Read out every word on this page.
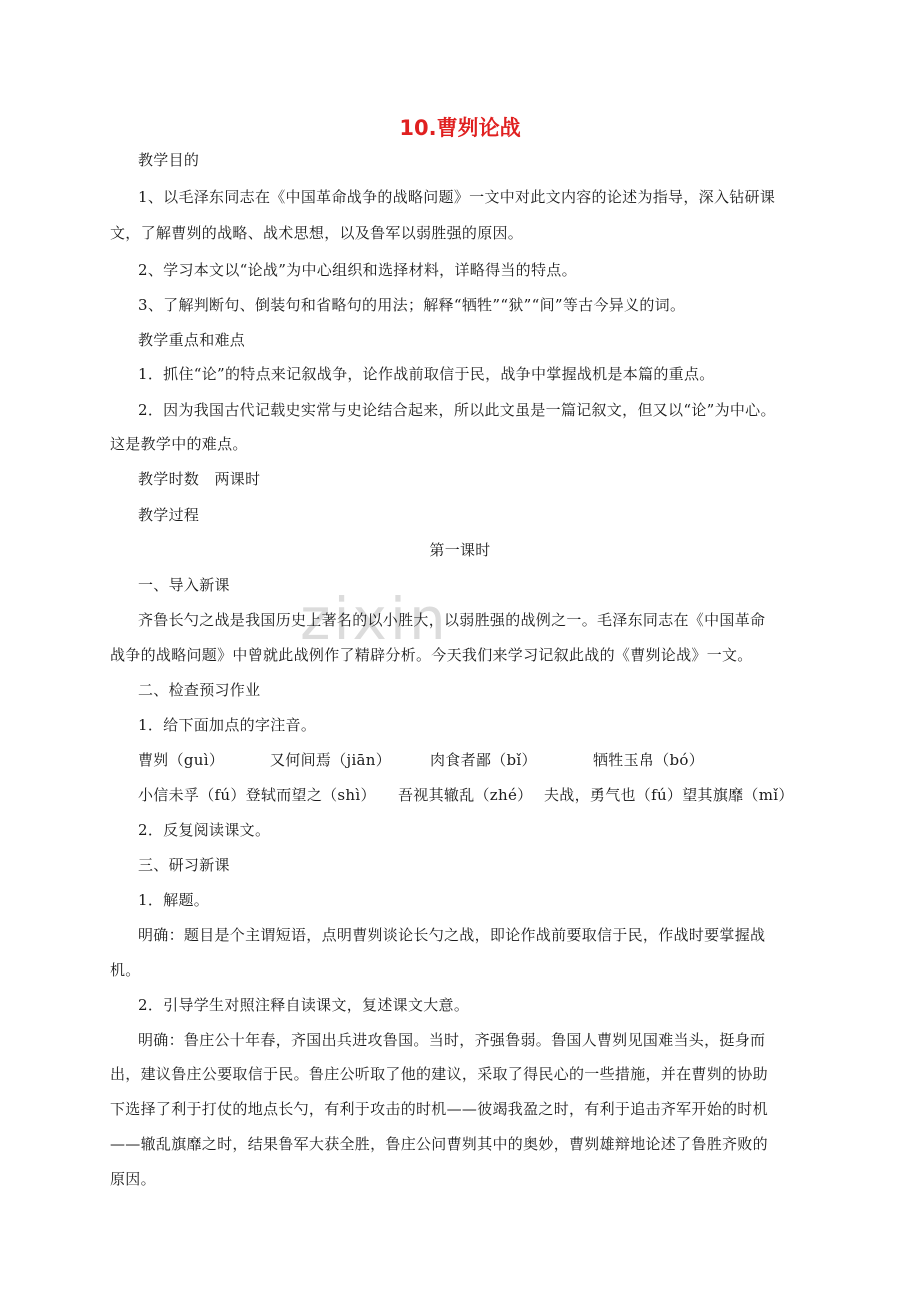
zixin
10.曹刿论战
教学目的
1、以毛泽东同志在《中国革命战争的战略问题》一文中对此文内容的论述为指导，深入钻研课
文，了解曹刿的战略、战术思想，以及鲁军以弱胜强的原因。
2、学习本文以“论战”为中心组织和选择材料，详略得当的特点。
3、了解判断句、倒装句和省略句的用法；解释“牺牲”“狱”“间”等古今异义的词。
教学重点和难点
1．抓住“论”的特点来记叙战争，论作战前取信于民，战争中掌握战机是本篇的重点。
2．因为我国古代记载史实常与史论结合起来，所以此文虽是一篇记叙文，但又以“论”为中心。
这是教学中的难点。
教学时数　两课时
教学过程
第一课时
一、导入新课
齐鲁长勺之战是我国历史上著名的以小胜大，以弱胜强的战例之一。毛泽东同志在《中国革命
战争的战略问题》中曾就此战例作了精辟分析。今天我们来学习记叙此战的《曹刿论战》一文。
二、检查预习作业
1．给下面加点的字注音。
曹刿（guì）	又何间焉（jiān）	肉食者鄙（bǐ）	牺牲玉帛（bó）
小信未孚（fú）登轼而望之（shì） 吾视其辙乱（zhé） 夫战，勇气也（fú）望其旗靡（mǐ）
2．反复阅读课文。
三、研习新课
1．解题。
明确：题目是个主谓短语，点明曹刿谈论长勺之战，即论作战前要取信于民，作战时要掌握战
机。
2．引导学生对照注释自读课文，复述课文大意。
明确：鲁庄公十年春，齐国出兵进攻鲁国。当时，齐强鲁弱。鲁国人曹刿见国难当头，挺身而
出，建议鲁庄公要取信于民。鲁庄公听取了他的建议，采取了得民心的一些措施，并在曹刿的协助
下选择了利于打仗的地点长勺，有利于攻击的时机——彼竭我盈之时，有利于追击齐军开始的时机
——辙乱旗靡之时，结果鲁军大获全胜，鲁庄公问曹刿其中的奥妙，曹刿雄辩地论述了鲁胜齐败的
原因。
